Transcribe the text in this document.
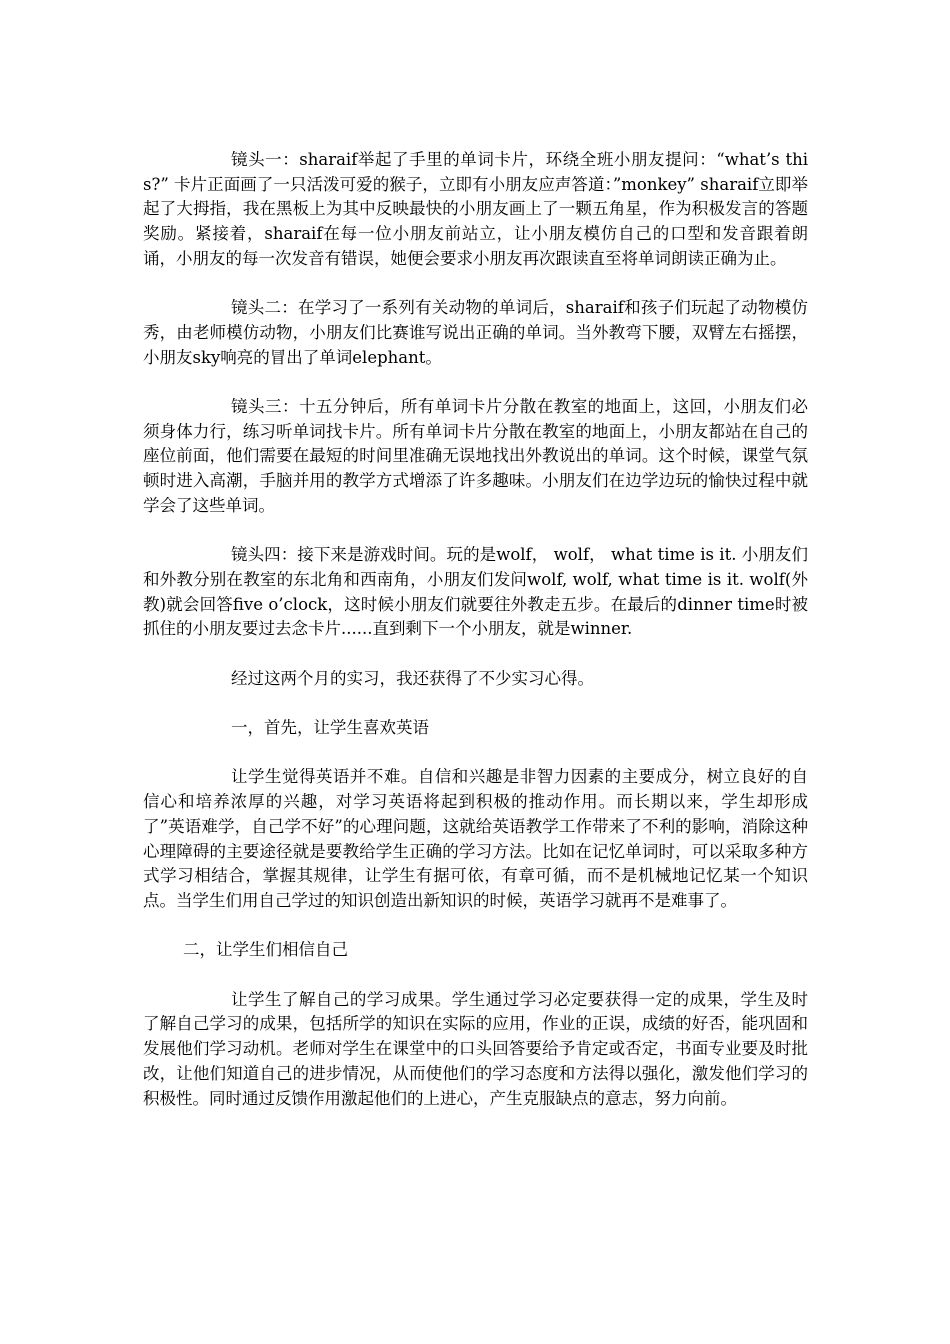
镜头一：sharaif举起了手里的单词卡片，环绕全班小朋友提问：“what’s this?” 卡片正面画了一只活泼可爱的猴子，立即有小朋友应声答道：”monkey” sharaif立即举起了大拇指，我在黑板上为其中反映最快的小朋友画上了一颗五角星，作为积极发言的答题奖励。紧接着，sharaif在每一位小朋友前站立，让小朋友模仿自己的口型和发音跟着朗诵，小朋友的每一次发音有错误，她便会要求小朋友再次跟读直至将单词朗读正确为止。

镜头二：在学习了一系列有关动物的单词后，sharaif和孩子们玩起了动物模仿秀，由老师模仿动物，小朋友们比赛谁写说出正确的单词。当外教弯下腰，双臂左右摇摆，小朋友sky响亮的冒出了单词elephant。

镜头三：十五分钟后，所有单词卡片分散在教室的地面上，这回，小朋友们必须身体力行，练习听单词找卡片。所有单词卡片分散在教室的地面上，小朋友都站在自己的座位前面，他们需要在最短的时间里准确无误地找出外教说出的单词。这个时候，课堂气氛顿时进入高潮，手脑并用的教学方式增添了许多趣味。小朋友们在边学边玩的愉快过程中就学会了这些单词。

镜头四：接下来是游戏时间。玩的是wolf， wolf， what time is it. 小朋友们和外教分别在教室的东北角和西南角，小朋友们发问wolf, wolf, what time is it. wolf(外教)就会回答five o’clock，这时候小朋友们就要往外教走五步。在最后的dinner time时被抓住的小朋友要过去念卡片......直到剩下一个小朋友，就是winner.

经过这两个月的实习，我还获得了不少实习心得。

一，首先，让学生喜欢英语

让学生觉得英语并不难。自信和兴趣是非智力因素的主要成分，树立良好的自信心和培养浓厚的兴趣，对学习英语将起到积极的推动作用。而长期以来，学生却形成了”英语难学，自己学不好”的心理问题，这就给英语教学工作带来了不利的影响，消除这种心理障碍的主要途径就是要教给学生正确的学习方法。比如在记忆单词时，可以采取多种方式学习相结合，掌握其规律，让学生有据可依，有章可循，而不是机械地记忆某一个知识点。当学生们用自己学过的知识创造出新知识的时候，英语学习就再不是难事了。

二，让学生们相信自己

让学生了解自己的学习成果。学生通过学习必定要获得一定的成果，学生及时了解自己学习的成果，包括所学的知识在实际的应用，作业的正误，成绩的好否，能巩固和发展他们学习动机。老师对学生在课堂中的口头回答要给予肯定或否定，书面专业要及时批改，让他们知道自己的进步情况，从而使他们的学习态度和方法得以强化，激发他们学习的积极性。同时通过反馈作用激起他们的上进心，产生克服缺点的意志，努力向前。
